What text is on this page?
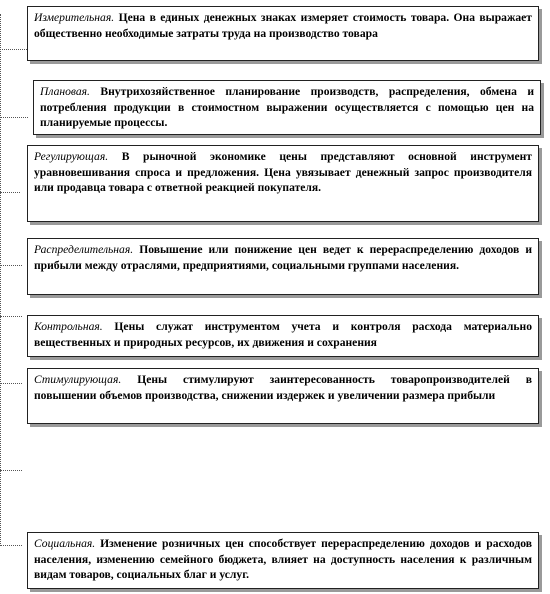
Измерительная. Цена в единых денежных знаках измеряет стоимость товара. Она выражает общественно необходимые затраты труда на производство товара
Плановая. Внутрихозяйственное планирование производств, распределения, обмена и потребления продукции в стоимостном выражении осуществляется с помощью цен на планируемые процессы.
Регулирующая. В рыночной экономике цены представляют основной инструмент уравновешивания спроса и предложения. Цена увязывает денежный запрос производителя или продавца товара с ответной реакцией покупателя.
Распределительная. Повышение или понижение цен ведет к перераспределению доходов и прибыли между отраслями, предприятиями, социальными группами населения.
Контрольная. Цены служат инструментом учета и контроля расхода материально вещественных и природных ресурсов, их движения и сохранения
Стимулирующая. Цены стимулируют заинтересованность товаропроизводителей в повышении объемов производства, снижении издержек и увеличении размера прибыли
Социальная. Изменение розничных цен способствует перераспределению доходов и расходов населения, изменению семейного бюджета, влияет на доступность населения к различным видам товаров, социальных благ и услуг.
